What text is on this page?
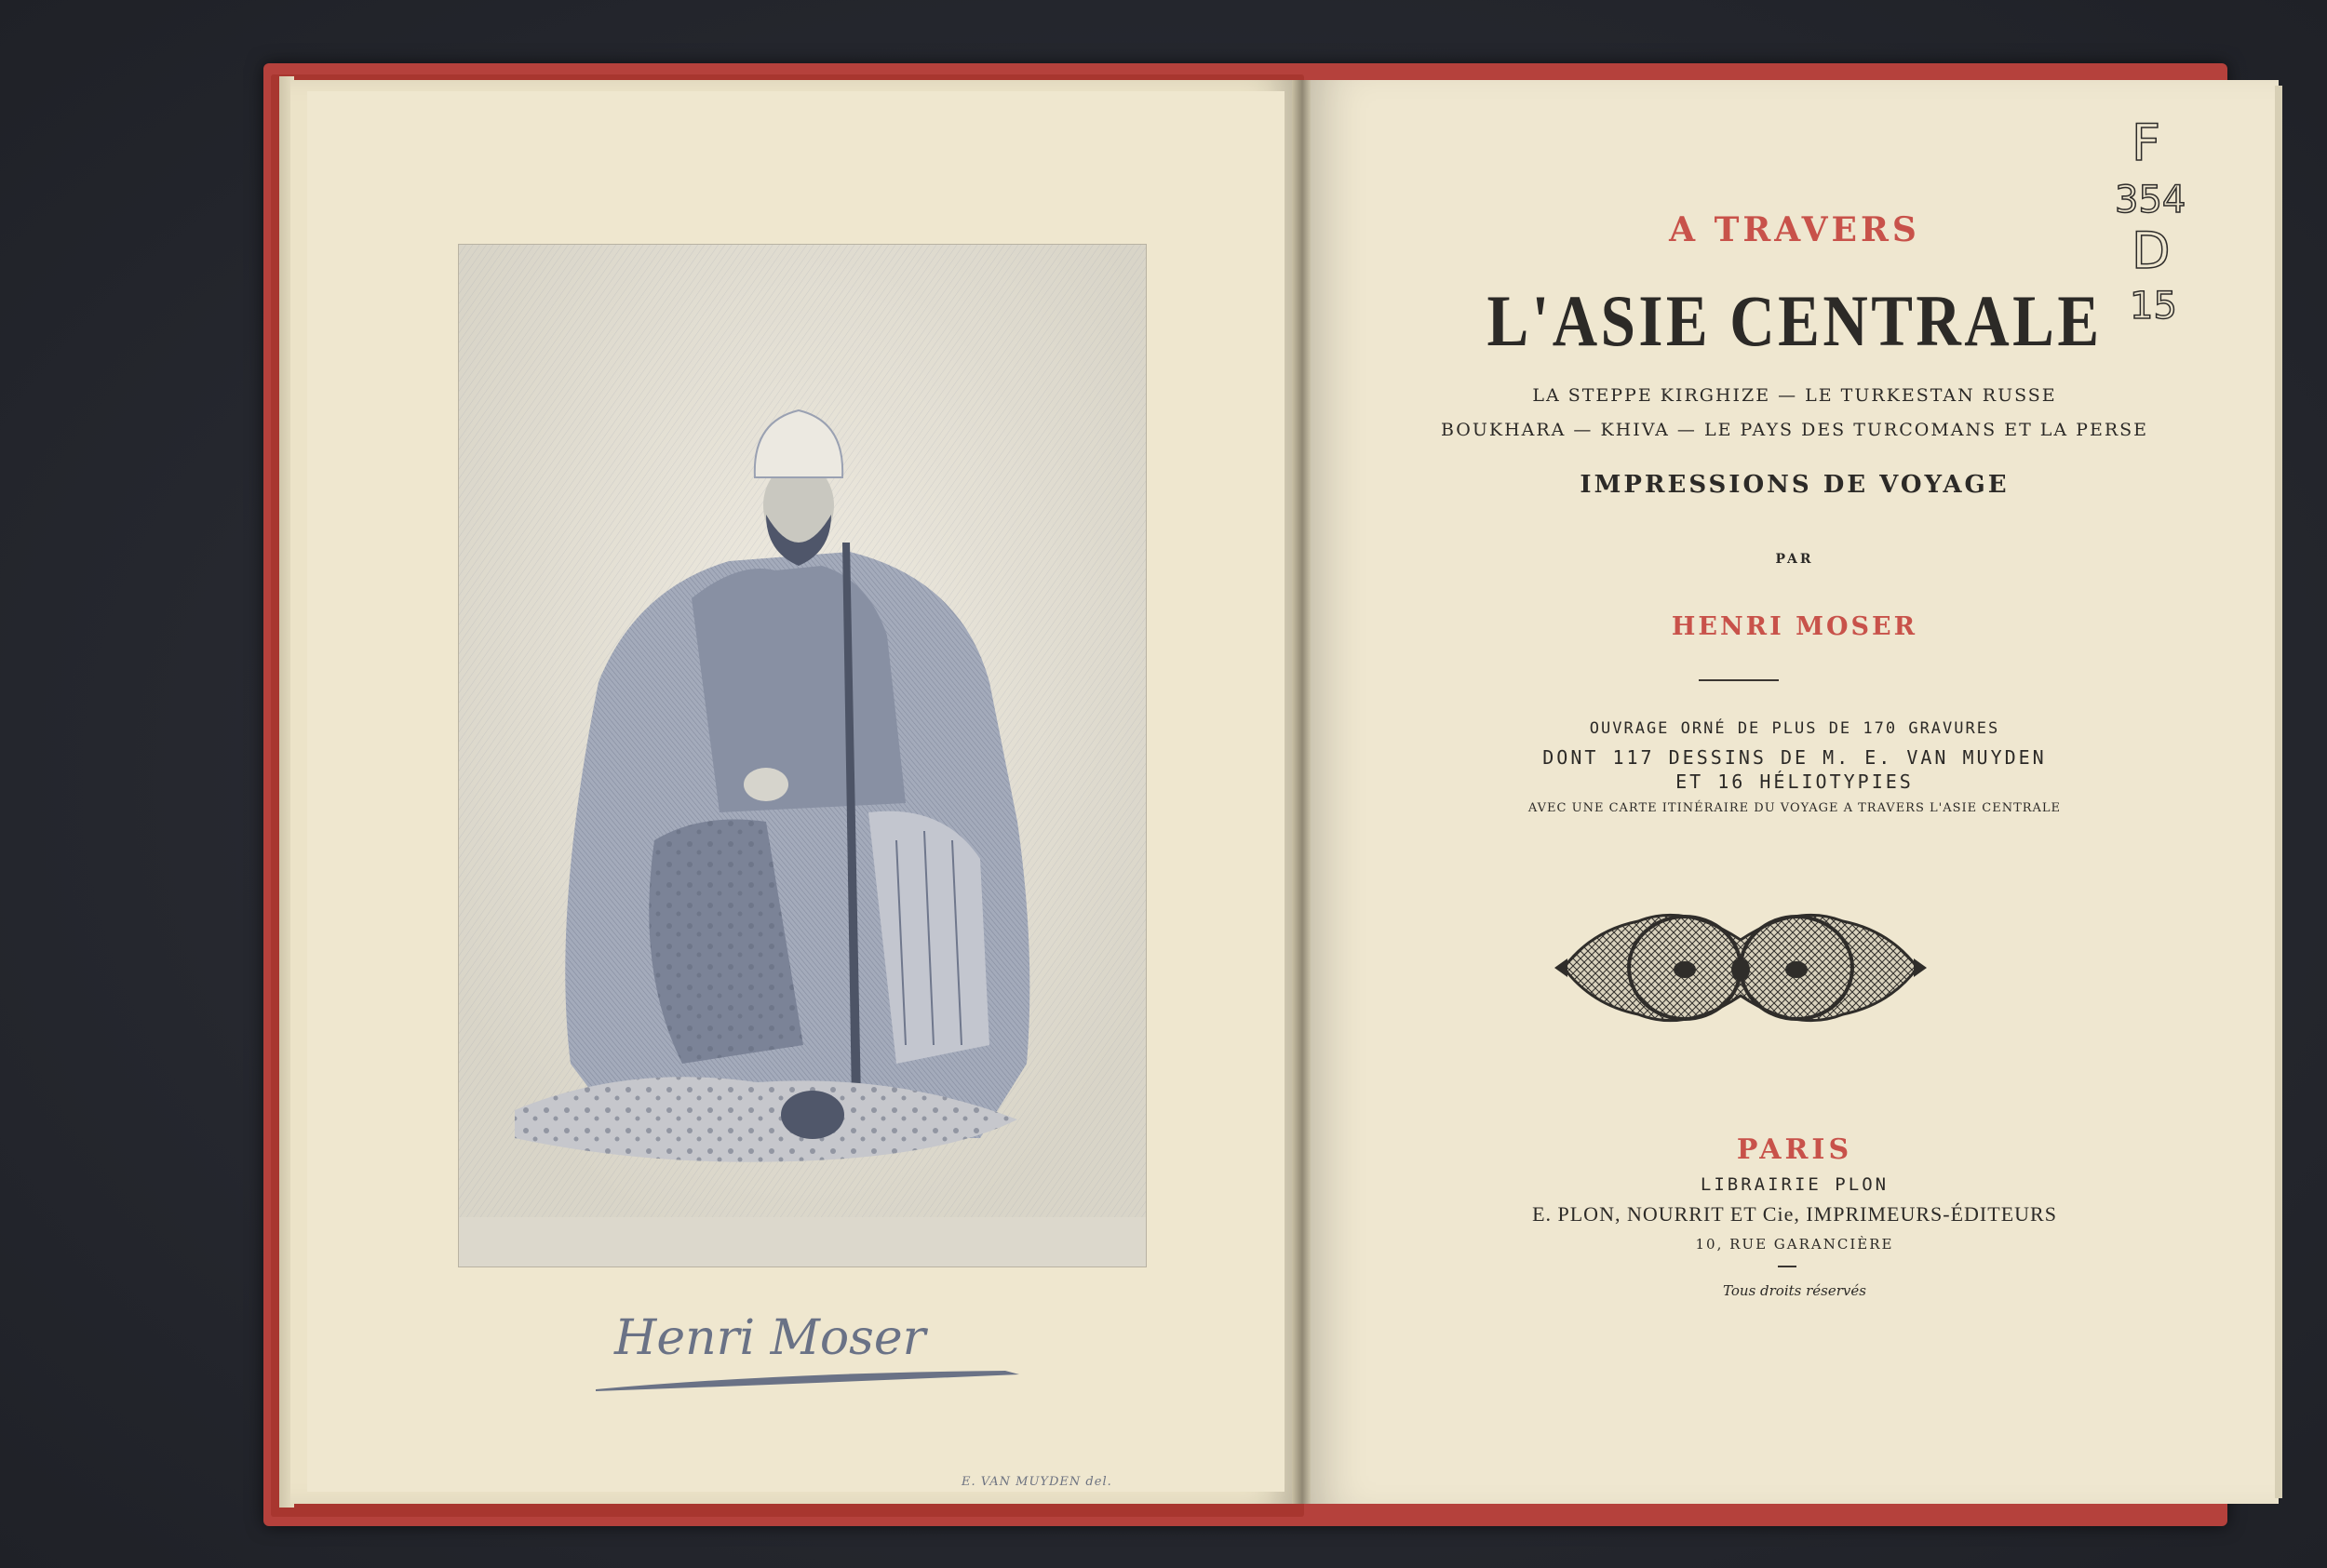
E. VAN MUYDEN del.
Henri Moser
F
354
D
15
A TRAVERS
L'ASIE CENTRALE
LA STEPPE KIRGHIZE — LE TURKESTAN RUSSE
BOUKHARA — KHIVA — LE PAYS DES TURCOMANS ET LA PERSE
IMPRESSIONS DE VOYAGE
PAR
HENRI MOSER
OUVRAGE ORNÉ DE PLUS DE 170 GRAVURES
DONT 117 DESSINS DE M. E. VAN MUYDEN
ET 16 HÉLIOTYPIES
AVEC UNE CARTE ITINÉRAIRE DU VOYAGE A TRAVERS L'ASIE CENTRALE
PARIS
LIBRAIRIE PLON
E. PLON, NOURRIT ET Cie, IMPRIMEURS-ÉDITEURS
10, RUE GARANCIÈRE
Tous droits réservés
